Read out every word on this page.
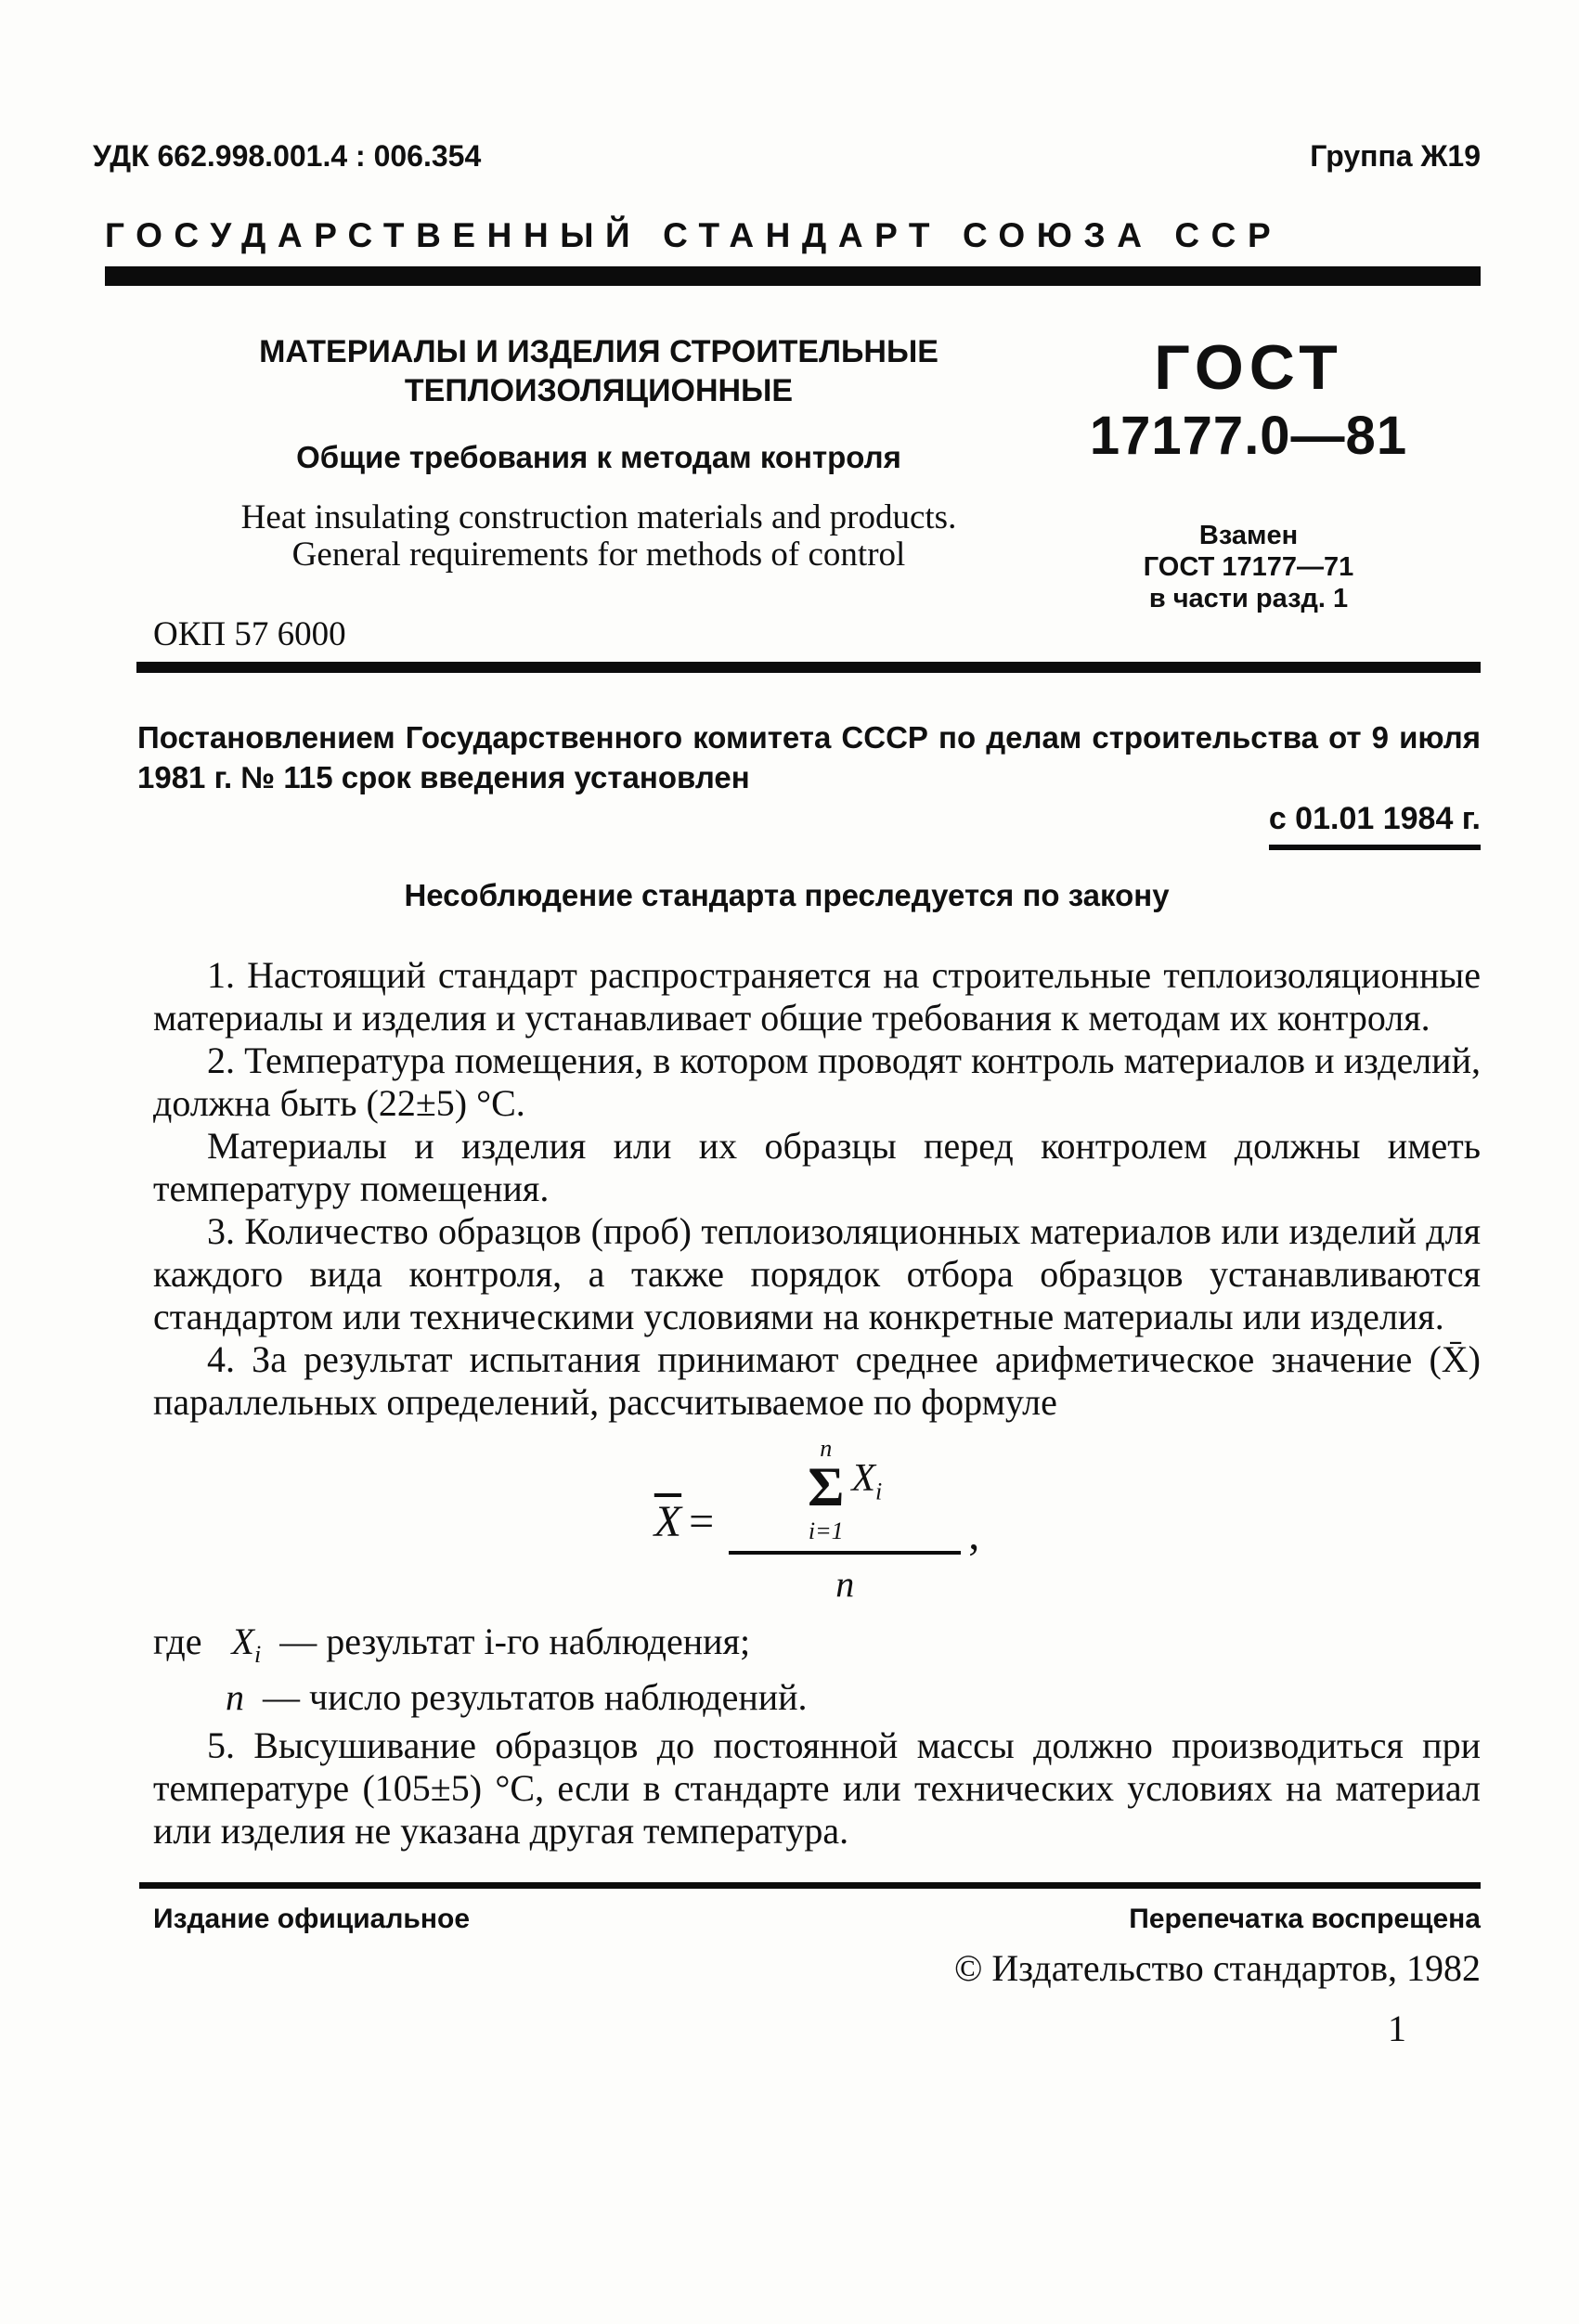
УДК 662.998.001.4 : 006.354	Группа Ж19
ГОСУДАРСТВЕННЫЙ СТАНДАРТ СОЮЗА ССР
МАТЕРИАЛЫ И ИЗДЕЛИЯ СТРОИТЕЛЬНЫЕ
ТЕПЛОИЗОЛЯЦИОННЫЕ
Общие требования к методам контроля
Heat insulating construction materials and products.
General requirements for methods of control
ОКП 57 6000
ГОСТ
17177.0—81
Взамен
ГОСТ 17177—71
в части разд. 1
Постановлением Государственного комитета СССР по делам строительства от 9 июля 1981 г. № 115 срок введения установлен
с 01.01 1984 г.
Несоблюдение стандарта преследуется по закону

1. Настоящий стандарт распространяется на строительные теплоизоляционные материалы и изделия и устанавливает общие требования к методам их контроля.

2. Температура помещения, в котором проводят контроль материалов и изделий, должна быть (22±5) °С.

Материалы и изделия или их образцы перед контролем должны иметь температуру помещения.

3. Количество образцов (проб) теплоизоляционных материалов или изделий для каждого вида контроля, а также порядок отбора образцов устанавливаются стандартом или техническими условиями на конкретные материалы или изделия.

4. За результат испытания принимают среднее арифметическое значение (X̄) параллельных определений, рассчитываемое по формуле

$\overline{X} = n$
Σ
i=1
$X_i$
n ,
где $X_i$ — результат i-го наблюдения;
n — число результатов наблюдений.

5. Высушивание образцов до постоянной массы должно производиться при температуре (105±5) °С, если в стандарте или технических условиях на материал или изделия не указана другая температура.

Издание официальное	Перепечатка воспрещена
© Издательство стандартов, 1982
1
